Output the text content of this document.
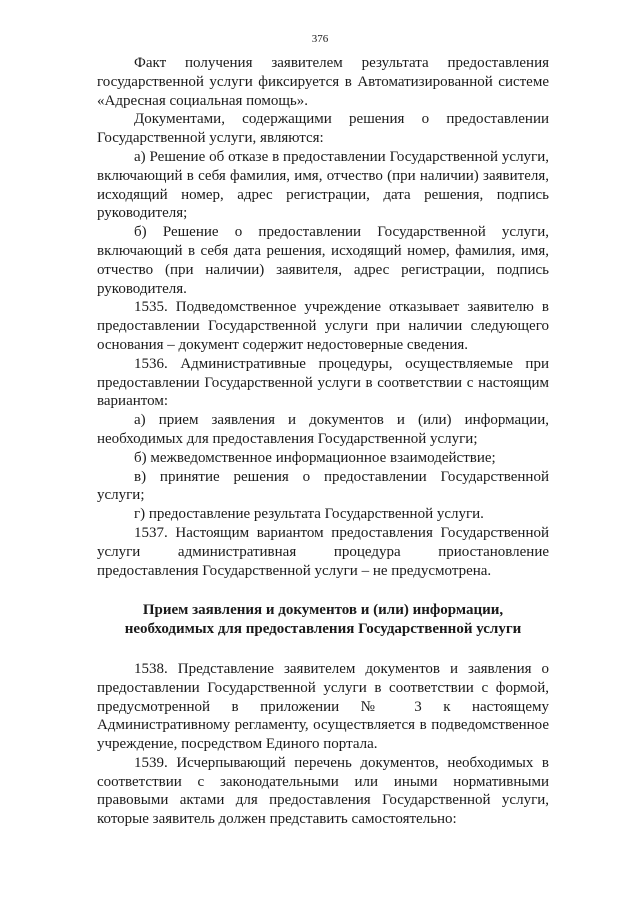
376

Факт получения заявителем результата предоставления государственной услуги фиксируется в Автоматизированной системе «Адресная социальная помощь».

Документами, содержащими решения о предоставлении Государственной услуги, являются:

а) Решение об отказе в предоставлении Государственной услуги, включающий в себя фамилия, имя, отчество (при наличии) заявителя, исходящий номер, адрес регистрации, дата решения, подпись руководителя;

б) Решение о предоставлении Государственной услуги, включающий в себя дата решения, исходящий номер, фамилия, имя, отчество (при наличии) заявителя, адрес регистрации, подпись руководителя.

1535. Подведомственное учреждение отказывает заявителю в предоставлении Государственной услуги при наличии следующего основания – документ содержит недостоверные сведения.

1536. Административные процедуры, осуществляемые при предоставлении Государственной услуги в соответствии с настоящим вариантом:

а) прием заявления и документов и (или) информации, необходимых для предоставления Государственной услуги;

б) межведомственное информационное взаимодействие;

в) принятие решения о предоставлении Государственной услуги;

г) предоставление результата Государственной услуги.

1537. Настоящим вариантом предоставления Государственной услуги административная процедура приостановление предоставления Государственной услуги – не предусмотрена.

Прием заявления и документов и (или) информации,

необходимых для предоставления Государственной услуги

1538. Представление заявителем документов и заявления о предоставлении Государственной услуги в соответствии с формой, предусмотренной в приложении № 3 к настоящему Административному регламенту, осуществляется в подведомственное учреждение, посредством Единого портала.

1539. Исчерпывающий перечень документов, необходимых в соответствии с законодательными или иными нормативными правовыми актами для предоставления Государственной услуги, которые заявитель должен представить самостоятельно:
